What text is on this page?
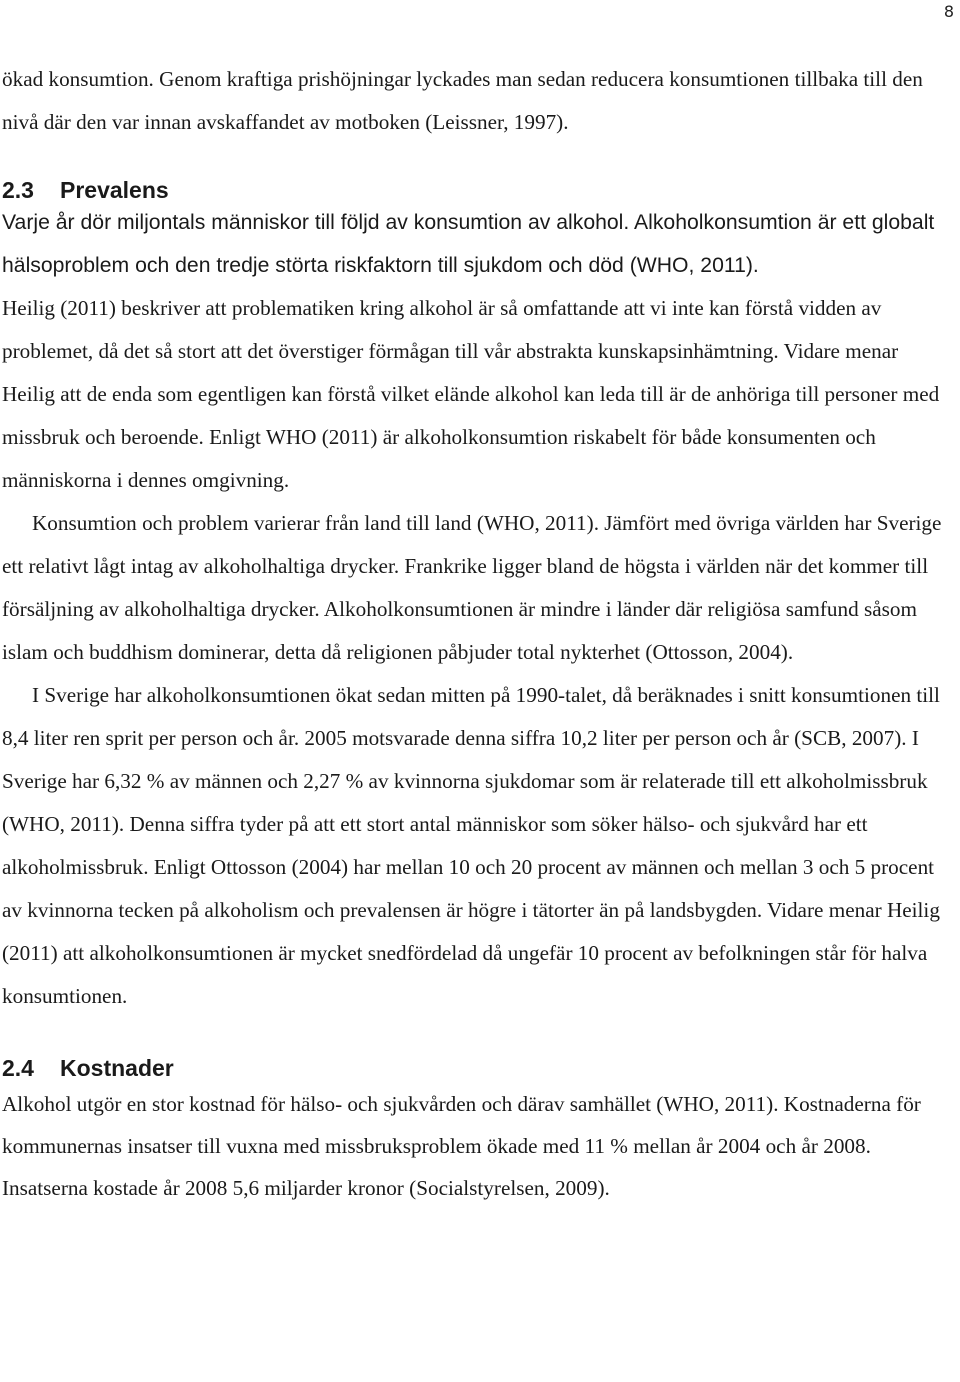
8

ökad konsumtion. Genom kraftiga prishöjningar lyckades man sedan reducera konsumtionen tillbaka till den nivå där den var innan avskaffandet av motboken (Leissner, 1997).

2.3 Prevalens

Varje år dör miljontals människor till följd av konsumtion av alkohol. Alkoholkonsumtion är ett globalt hälsoproblem och den tredje störta riskfaktorn till sjukdom och död (WHO, 2011).

Heilig (2011) beskriver att problematiken kring alkohol är så omfattande att vi inte kan förstå vidden av problemet, då det så stort att det överstiger förmågan till vår abstrakta kunskapsinhämtning. Vidare menar Heilig att de enda som egentligen kan förstå vilket elände alkohol kan leda till är de anhöriga till personer med missbruk och beroende. Enligt WHO (2011) är alkoholkonsumtion riskabelt för både konsumenten och människorna i dennes omgivning.

Konsumtion och problem varierar från land till land (WHO, 2011). Jämfört med övriga världen har Sverige ett relativt lågt intag av alkoholhaltiga drycker. Frankrike ligger bland de högsta i världen när det kommer till försäljning av alkoholhaltiga drycker. Alkoholkonsumtionen är mindre i länder där religiösa samfund såsom islam och buddhism dominerar, detta då religionen påbjuder total nykterhet (Ottosson, 2004).

I Sverige har alkoholkonsumtionen ökat sedan mitten på 1990-talet, då beräknades i snitt konsumtionen till 8,4 liter ren sprit per person och år. 2005 motsvarade denna siffra 10,2 liter per person och år (SCB, 2007). I Sverige har 6,32 % av männen och 2,27 % av kvinnorna sjukdomar som är relaterade till ett alkoholmissbruk (WHO, 2011). Denna siffra tyder på att ett stort antal människor som söker hälso- och sjukvård har ett alkoholmissbruk. Enligt Ottosson (2004) har mellan 10 och 20 procent av männen och mellan 3 och 5 procent av kvinnorna tecken på alkoholism och prevalensen är högre i tätorter än på landsbygden. Vidare menar Heilig (2011) att alkoholkonsumtionen är mycket snedfördelad då ungefär 10 procent av befolkningen står för halva konsumtionen.

2.4 Kostnader

Alkohol utgör en stor kostnad för hälso- och sjukvården och därav samhället (WHO, 2011). Kostnaderna för kommunernas insatser till vuxna med missbruksproblem ökade med 11 % mellan år 2004 och år 2008. Insatserna kostade år 2008 5,6 miljarder kronor (Socialstyrelsen, 2009).
